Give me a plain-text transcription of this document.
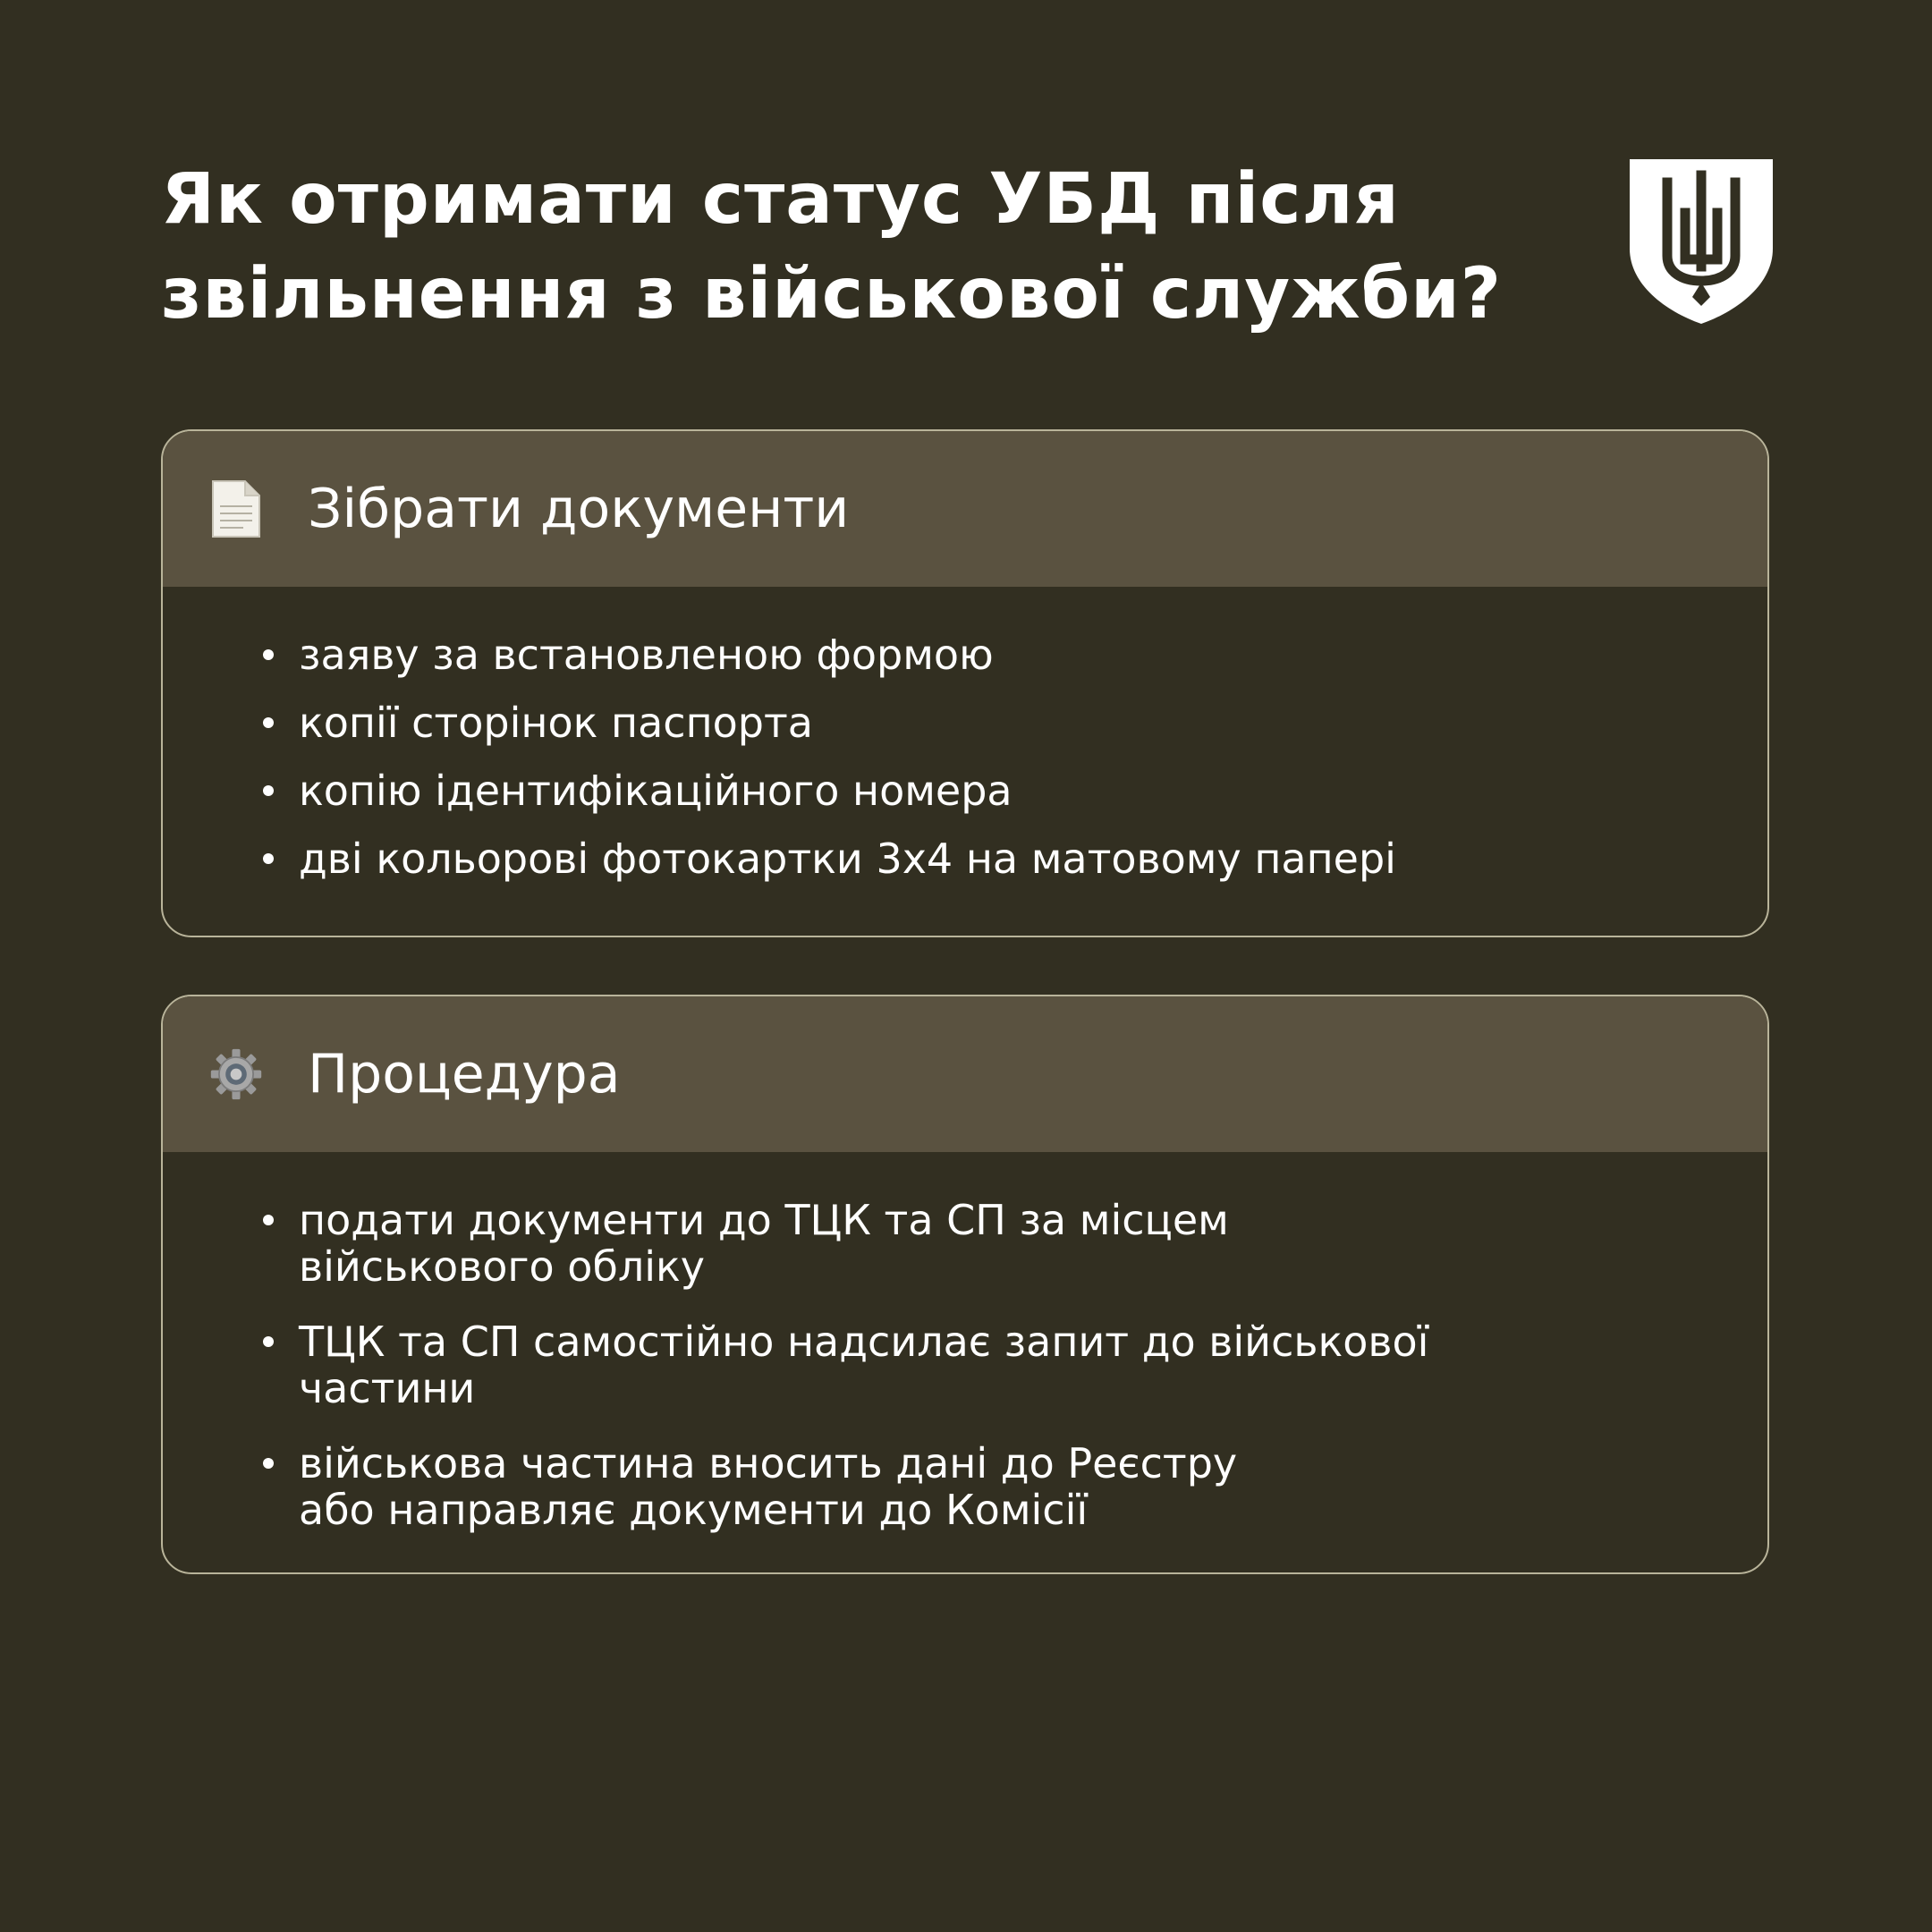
Як отримати статус УБД після
звільнення з військової служби?
Зібрати документи
заяву за встановленою формою
копії сторінок паспорта
копію ідентифікаційного номера
дві кольорові фотокартки 3х4 на матовому папері
Процедура
подати документи до ТЦК та СП за місцем
військового обліку
ТЦК та СП самостійно надсилає запит до військової
частини
військова частина вносить дані до Реєстру
або направляє документи до Комісії
